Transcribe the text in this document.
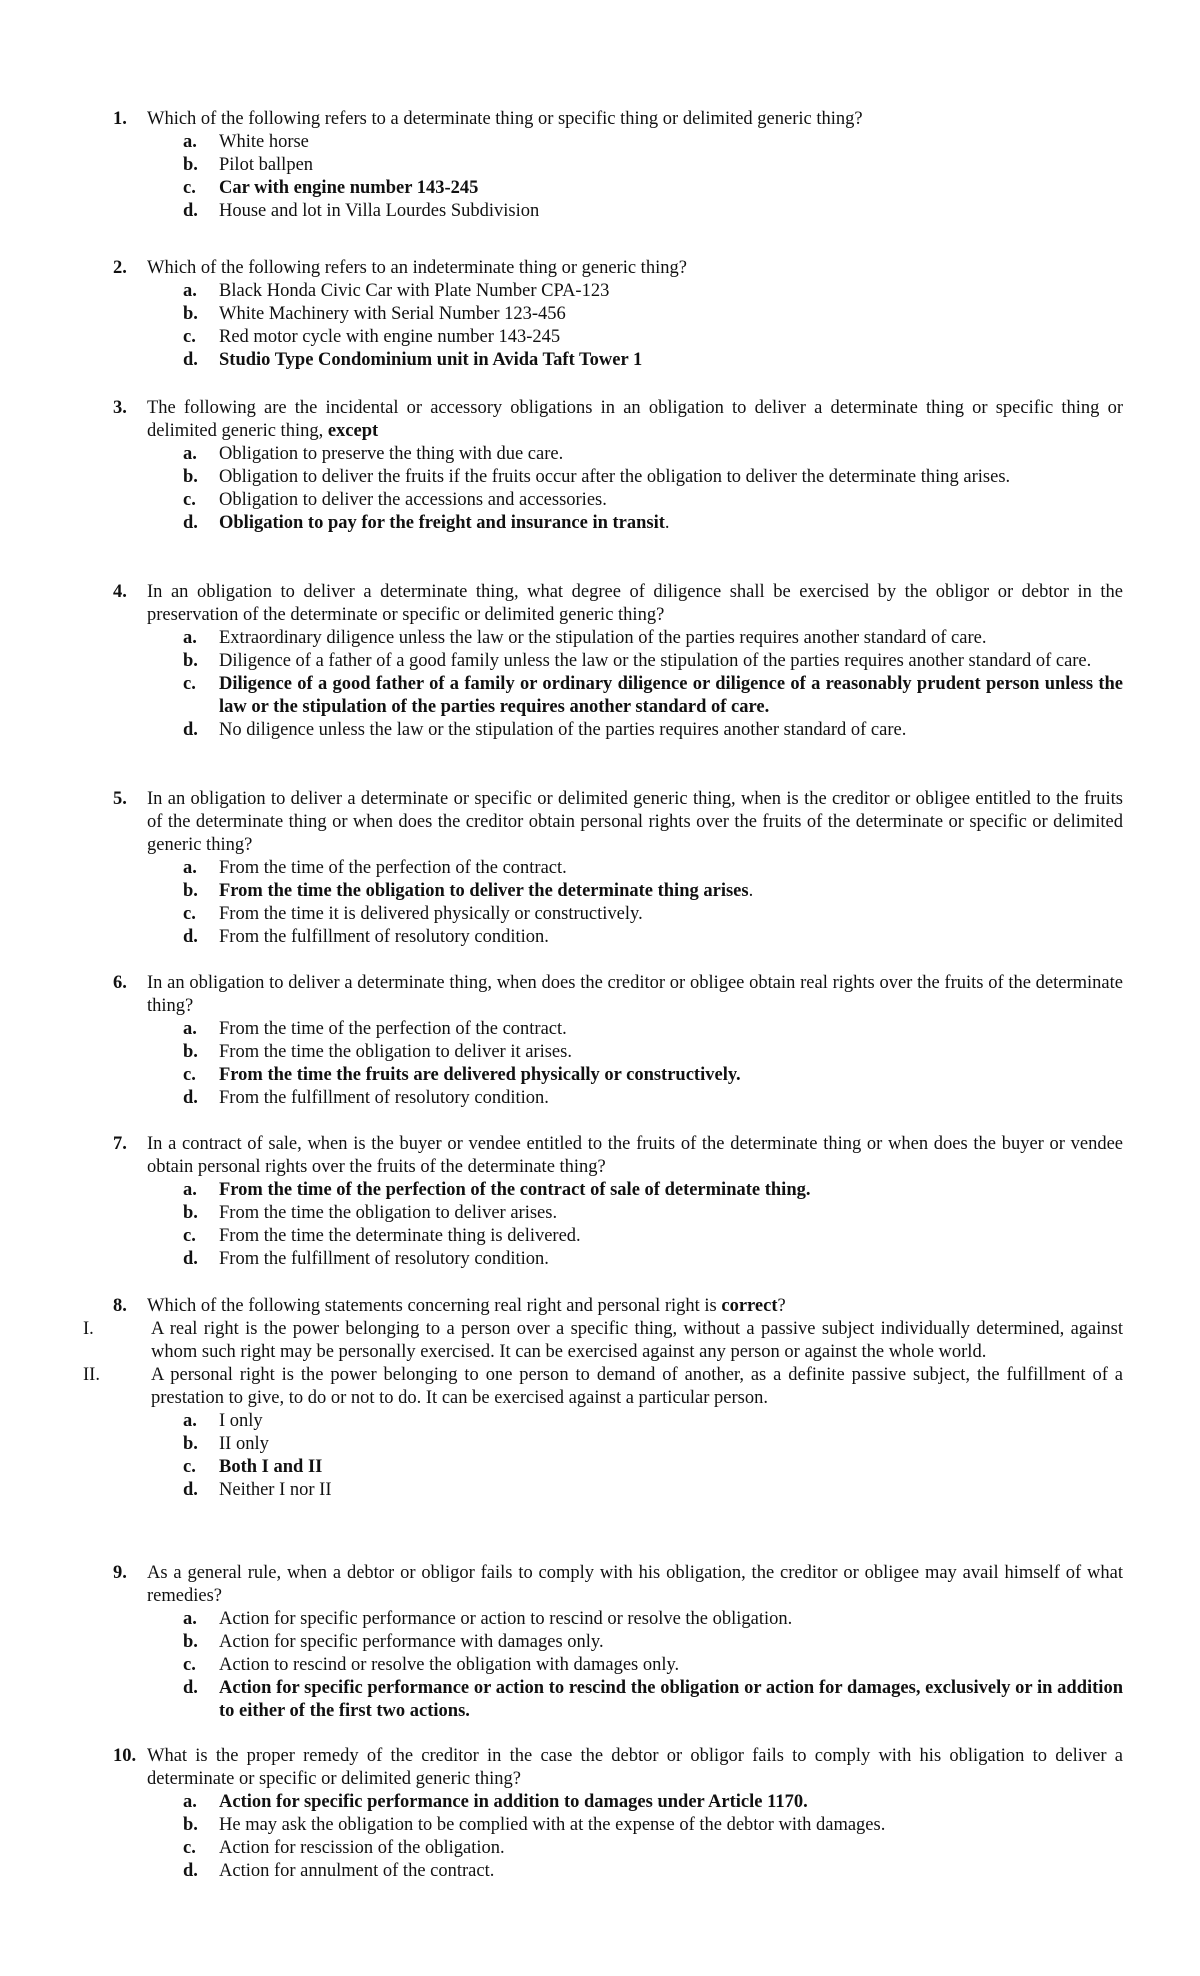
1.	Which of the following refers to a determinate thing or specific thing or delimited generic thing?
a.	White horse
b.	Pilot ballpen
c.	Car with engine number 143-245
d.	House and lot in Villa Lourdes Subdivision
2.	Which of the following refers to an indeterminate thing or generic thing?
a.	Black Honda Civic Car with Plate Number CPA-123
b.	White Machinery with Serial Number 123-456
c.	Red motor cycle with engine number 143-245
d.	Studio Type Condominium unit in Avida Taft Tower 1
3.	The following are the incidental or accessory obligations in an obligation to deliver a determinate thing or specific thing or delimited generic thing, except
a.	Obligation to preserve the thing with due care.
b.	Obligation to deliver the fruits if the fruits occur after the obligation to deliver the determinate thing arises.
c.	Obligation to deliver the accessions and accessories.
d.	Obligation to pay for the freight and insurance in transit.
4.	In an obligation to deliver a determinate thing, what degree of diligence shall be exercised by the obligor or debtor in the preservation of the determinate or specific or delimited generic thing?
a.	Extraordinary diligence unless the law or the stipulation of the parties requires another standard of care.
b.	Diligence of a father of a good family unless the law or the stipulation of the parties requires another standard of care.
c.	Diligence of a good father of a family or ordinary diligence or diligence of a reasonably prudent person unless the law or the stipulation of the parties requires another standard of care.
d.	No diligence unless the law or the stipulation of the parties requires another standard of care.
5.	In an obligation to deliver a determinate or specific or delimited generic thing, when is the creditor or obligee entitled to the fruits of the determinate thing or when does the creditor obtain personal rights over the fruits of the determinate or specific or delimited generic thing?
a.	From the time of the perfection of the contract.
b.	From the time the obligation to deliver the determinate thing arises.
c.	From the time it is delivered physically or constructively.
d.	From the fulfillment of resolutory condition.
6.	In an obligation to deliver a determinate thing, when does the creditor or obligee obtain real rights over the fruits of the determinate thing?
a.	From the time of the perfection of the contract.
b.	From the time the obligation to deliver it arises.
c.	From the time the fruits are delivered physically or constructively.
d.	From the fulfillment of resolutory condition.
7.	In a contract of sale, when is the buyer or vendee entitled to the fruits of the determinate thing or when does the buyer or vendee obtain personal rights over the fruits of the determinate thing?
a.	From the time of the perfection of the contract of sale of determinate thing.
b.	From the time the obligation to deliver arises.
c.	From the time the determinate thing is delivered.
d.	From the fulfillment of resolutory condition.
8.	Which of the following statements concerning real right and personal right is correct?
I.	A real right is the power belonging to a person over a specific thing, without a passive subject individually determined, against whom such right may be personally exercised. It can be exercised against any person or against the whole world.
II.	A personal right is the power belonging to one person to demand of another, as a definite passive subject, the fulfillment of a prestation to give, to do or not to do. It can be exercised against a particular person.
a.	I only
b.	II only
c.	Both I and II
d.	Neither I nor II
9.	As a general rule, when a debtor or obligor fails to comply with his obligation, the creditor or obligee may avail himself of what remedies?
a.	Action for specific performance or action to rescind or resolve the obligation.
b.	Action for specific performance with damages only.
c.	Action to rescind or resolve the obligation with damages only.
d.	Action for specific performance or action to rescind the obligation or action for damages, exclusively or in addition to either of the first two actions.
10. What is the proper remedy of the creditor in the case the debtor or obligor fails to comply with his obligation to deliver a determinate or specific or delimited generic thing?
a.	Action for specific performance in addition to damages under Article 1170.
b.	He may ask the obligation to be complied with at the expense of the debtor with damages.
c.	Action for rescission of the obligation.
d.	Action for annulment of the contract.
